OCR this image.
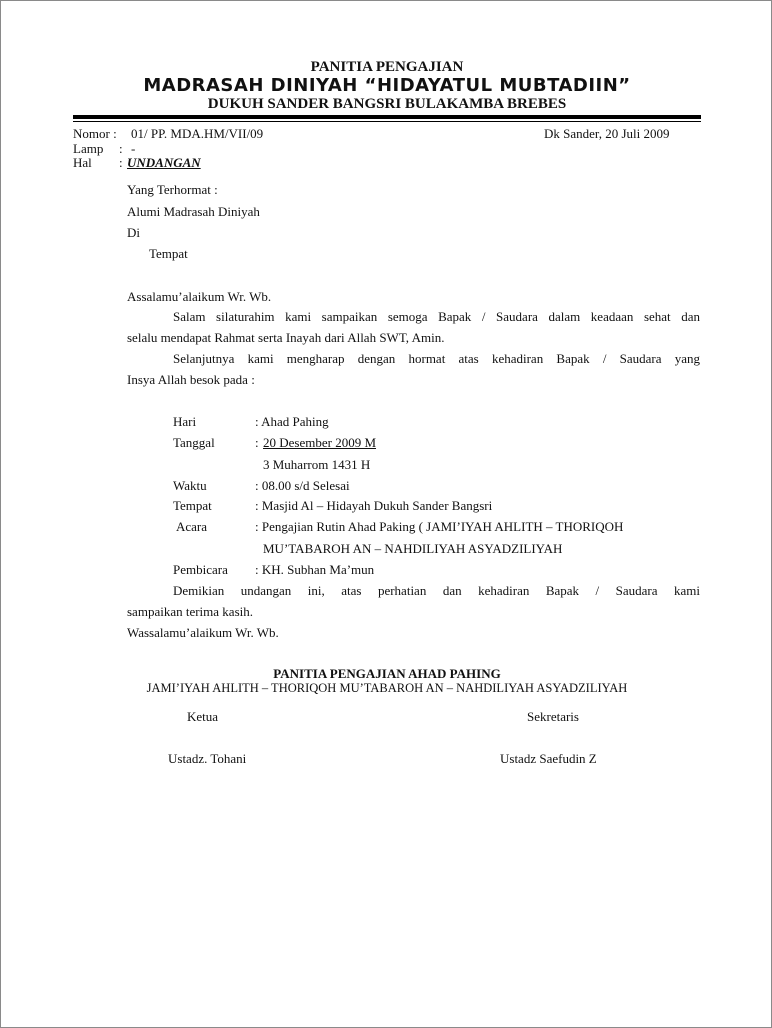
PANITIA PENGAJIAN
MADRASAH DINIYAH “HIDAYATUL MUBTADIIN”
DUKUH SANDER BANGSRI BULAKAMBA BREBES
Nomor : 01/ PP. MDA.HM/VII/09	Dk Sander, 20 Juli 2009
Lamp : -
Hal : UNDANGAN
Yang Terhormat :
Alumi Madrasah Diniyah
Di
Tempat
Assalamu’alaikum Wr. Wb.
Salam silaturahim kami sampaikan semoga Bapak / Saudara dalam keadaan sehat dan
selalu mendapat Rahmat serta Inayah dari Allah SWT, Amin.
Selanjutnya kami mengharap dengan hormat atas kehadiran Bapak / Saudara yang
Insya Allah besok pada :
Hari	: Ahad Pahing
Tanggal	: 20 Desember 2009 M
3 Muharrom 1431 H
Waktu	: 08.00 s/d Selesai
Tempat	: Masjid Al – Hidayah Dukuh Sander Bangsri
Acara	: Pengajian Rutin Ahad Paking ( JAMI’IYAH AHLITH – THORIQOH
MU’TABAROH AN – NAHDILIYAH ASYADZILIYAH
Pembicara : KH. Subhan Ma’mun
Demikian undangan ini, atas perhatian dan kehadiran Bapak / Saudara kami
sampaikan terima kasih.
Wassalamu’alaikum Wr. Wb.
PANITIA PENGAJIAN AHAD PAHING
JAMI’IYAH AHLITH – THORIQOH MU’TABAROH AN – NAHDILIYAH ASYADZILIYAH
Ketua	Sekretaris
Ustadz. Tohani	Ustadz Saefudin Z
